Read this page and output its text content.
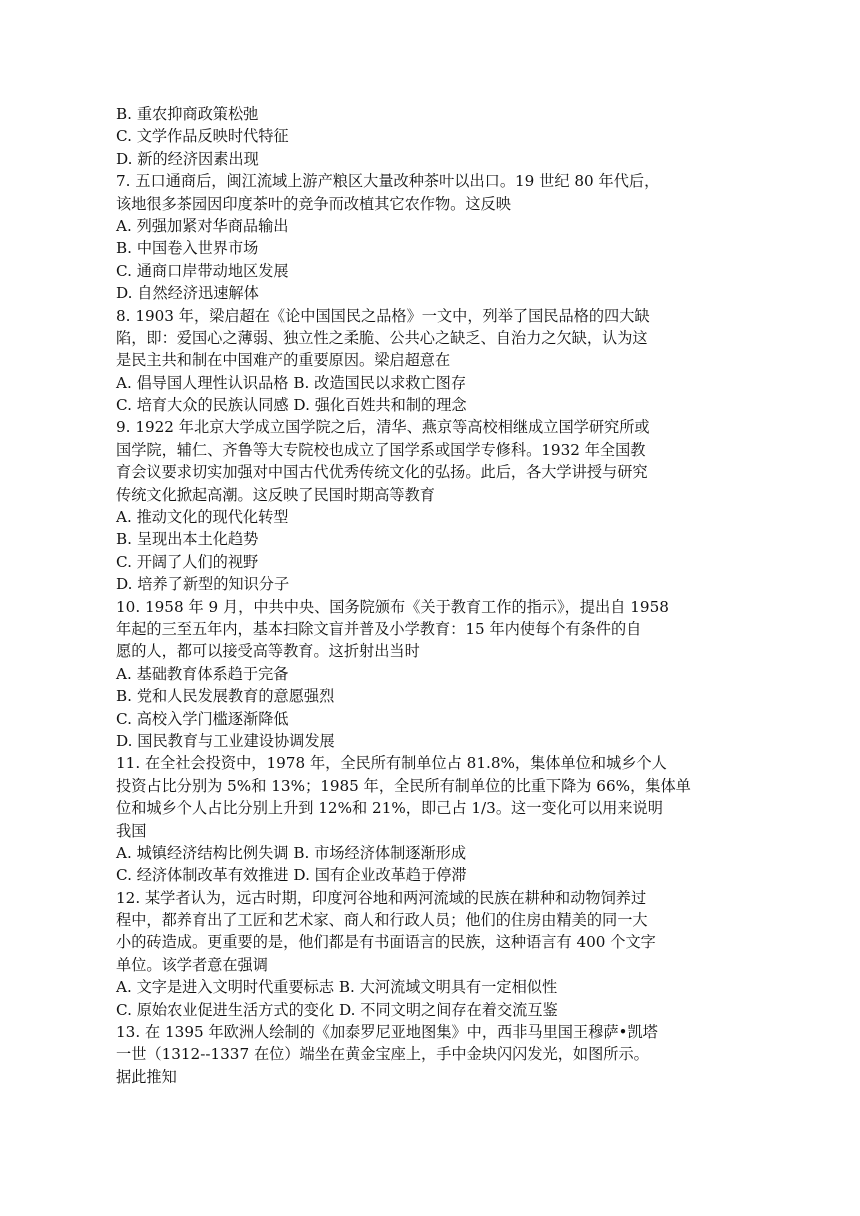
B. 重农抑商政策松弛
C. 文学作品反映时代特征
D. 新的经济因素出现
7. 五口通商后，闽江流域上游产粮区大量改种茶叶以出口。19 世纪 80 年代后，
该地很多茶园因印度茶叶的竞争而改植其它农作物。这反映
A. 列强加紧对华商品输出
B. 中国卷入世界市场
C. 通商口岸带动地区发展
D. 自然经济迅速解体
8. 1903 年，梁启超在《论中国国民之品格》一文中，列举了国民品格的四大缺
陷，即：爱国心之薄弱、独立性之柔脆、公共心之缺乏、自治力之欠缺，认为这
是民主共和制在中国难产的重要原因。梁启超意在
A. 倡导国人理性认识品格 B. 改造国民以求救亡图存
C. 培育大众的民族认同感 D. 强化百姓共和制的理念
9. 1922 年北京大学成立国学院之后，清华、燕京等高校相继成立国学研究所或
国学院，辅仁、齐鲁等大专院校也成立了国学系或国学专修科。1932 年全国教
育会议要求切实加强对中国古代优秀传统文化的弘扬。此后，各大学讲授与研究
传统文化掀起高潮。这反映了民国时期高等教育
A. 推动文化的现代化转型
B. 呈现出本土化趋势
C. 开阔了人们的视野
D. 培养了新型的知识分子
10. 1958 年 9 月，中共中央、国务院颁布《关于教育工作的指示》，提出自 1958
年起的三至五年内，基本扫除文盲并普及小学教育：15 年内使每个有条件的自
愿的人，都可以接受高等教育。这折射出当时
A. 基础教育体系趋于完备
B. 党和人民发展教育的意愿强烈
C. 高校入学门槛逐渐降低
D. 国民教育与工业建设协调发展
11. 在全社会投资中，1978 年，全民所有制单位占 81.8%，集体单位和城乡个人
投资占比分别为 5%和 13%；1985 年，全民所有制单位的比重下降为 66%，集体单
位和城乡个人占比分别上升到 12%和 21%，即己占 1/3。这一变化可以用来说明
我国
A. 城镇经济结构比例失调 B. 市场经济体制逐渐形成
C. 经济体制改革有效推进 D. 国有企业改革趋于停滞
12. 某学者认为，远古时期，印度河谷地和两河流域的民族在耕种和动物饲养过
程中，都养育出了工匠和艺术家、商人和行政人员；他们的住房由精美的同一大
小的砖造成。更重要的是，他们都是有书面语言的民族，这种语言有 400 个文字
单位。该学者意在强调
A. 文字是进入文明时代重要标志 B. 大河流域文明具有一定相似性
C. 原始农业促进生活方式的变化 D. 不同文明之间存在着交流互鉴
13. 在 1395 年欧洲人绘制的《加泰罗尼亚地图集》中，西非马里国王穆萨•凯塔
一世（1312--1337 在位）端坐在黄金宝座上，手中金块闪闪发光，如图所示。
据此推知
